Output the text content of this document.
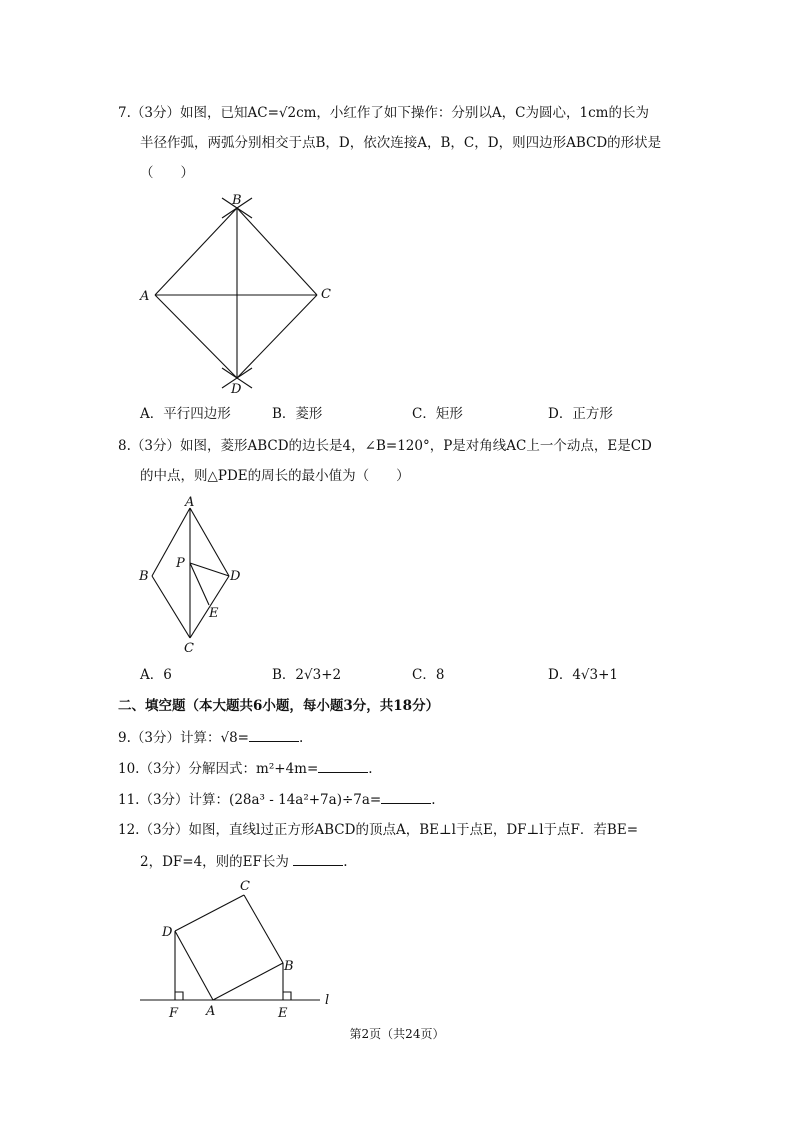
7.（3分）如图，已知AC=√2cm，小红作了如下操作：分别以A，C为圆心，1cm的长为
半径作弧，两弧分别相交于点B，D，依次连接A，B，C，D，则四边形ABCD的形状是
（　　）
A
B
C
D
A．平行四边形	B．菱形	C．矩形	D．正方形
8.（3分）如图，菱形ABCD的边长是4，∠B=120°，P是对角线AC上一个动点，E是CD
的中点，则△PDE的周长的最小值为（　　）
A
B
C
D
P
E
A．6	B．2√3+2	C．8	D．4√3+1
二、填空题（本大题共6小题，每小题3分，共18分）
9.（3分）计算：√8=	.
10.（3分）分解因式：m²+4m=	.
11.（3分）计算：(28a³ - 14a²+7a)÷7a=	.
12.（3分）如图，直线l过正方形ABCD的顶点A，BE⊥l于点E，DF⊥l于点F．若BE=
2，DF=4，则的EF长为	.
C
D
B
A
F	E
l
第2页（共24页）
